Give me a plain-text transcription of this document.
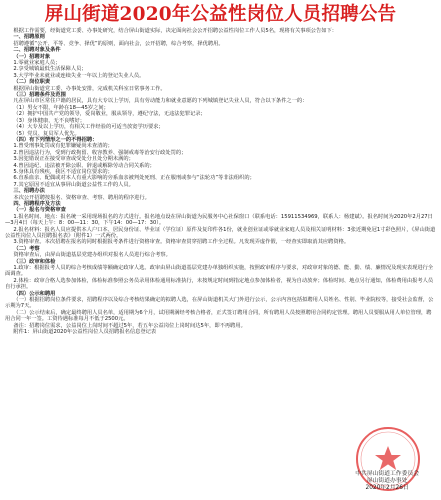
屏山街道2020年公益性岗位人员招聘公告
根据工作需要，经街道党工委、办事处研究，结合屏山街道实际，决定面向社会公开招聘公益性岗位工作人员5名，现将有关事项公告如下：
一、招聘原则
招聘遵循“公开、平等、竞争、择优”的原则，面向社会，公开招聘，综合考察，择优聘用。
二、招聘对象及条件
（一）招聘对象
1.零就业家庭人员；
2.享受城镇最低生活保障人员；
3.大学毕业未就业或连续失业一年以上的登记失业人员。
（二）岗位职责
根据屏山街道党工委、办事处安排，完成机关科室日常事务工作。
（三）招聘条件及范围
凡在屏山市区常住户籍的居民，具有大专以上学历，具有劳动能力和就业意愿的下列城镇登记失业人员，符合以下条件之一的：
（1）男女不限，年龄在18—45岁之间；
（2）拥护中国共产党的领导，爱岗敬业，服从领导，遵纪守法，无违法犯罪记录；
（3）身体健康，无不良嗜好；
（4）大专及以上学历，有相关工作经验的可适当放宽学历要求；
（5）党员、复员军人优先。
（四）有下列情形之一的不得招聘：
1.曾受刑事处罚或有犯罪嫌疑尚未查清的；
2.曾因违法行为，受到行政拘留、收容教养、强制戒毒等治安行政处罚的；
3.因犯错误正在接受审查或受处分且处分期未满的；
4.曾因违纪、违法被开除公职、辞退或解除劳动合同关系的；
5.身体具有残疾，我区不适宜岗位要求的；
6.直系血亲、配偶或对本人有重大影响的旁系血亲被判处死刑、正在服刑或参与“法轮功”等非法组织的；
7.其它原因不适宜从事屏山街道公益性工作的人员。
三、招聘办法
本次公开招聘按报名、资格审查、考察、聘用的程序进行。
四、招聘程序及方法
（一）报名与资格审查
1.报名时间、地点：报名统一采用现场报名的方式进行。报名地点设在屏山街道为民服务中心社保窗口（联系电话：15911534969，联系人：杨建斌）。报名时间为2020年2月27日—3月4日（每天上午：8：00—11：30，下午14：00—17：30）。
2.报名材料：报名人员应提供本人户口本、居民身份证、毕业证（学位证）原件及复印件各1份，就业创业证或零就业家庭人员及相关证明材料：3张近期免冠1寸彩色照片，《屏山街道公益性岗位人员招聘报名表》（附件1）一式两份。
3.资格审查。本次招聘在报名的同时根据报考条件进行资格审查。资格审查贯穿招聘工作全过程。凡发现弄虚作假，一经查实即取消其应聘资格。
（二）考察
资格审查后，由屏山街道基层党建办组织对报名人员进行综合考察。
（三）政审和体检
1.政审：根据报考人员的综合考核成绩等额确定政审人选。政审由屏山街道基层党建办单独组织实施，按照政审程序与要求，对政审对象的德、能、勤、绩、廉情况及现实表现进行全面调查。
2.体检：政审合格人选参加体检，体检标准参照公务员录用体检通用标准执行，未按规定时间到指定地点参加体检者，视为自动放弃；体检时间、地点另行通知，体检费用由报考人员自行承担。
（四）公示和聘用
（一）根据招聘岗位条件要求，招聘程序以及综合考核结果确定的拟聘人选，在屏山街道机关大门外进行公示，公示内容包括拟聘用人员姓名、性别、毕业院校等，接受社会监督，公示期为7天。
（二）公示结束后，确定最终聘用人员名单，适用期为6个月，试用期满经考核合格者，正式签订聘用合同，所有聘用人员按照聘用合同约定管理。聘用人员要服从用人单位管理，聘用合同一年一签。工资待遇标准每月不低于2500元。
备注：招聘岗位需求，公益岗位上岗时间不超过5年，若五年公益岗位上岗时间达5年，即不再聘用。
附件1：屏山街道2020年公益性岗位人员招聘报名信息登记表
中共屏山街道工作委员会
屏山街道办事处
2020年2月26日
